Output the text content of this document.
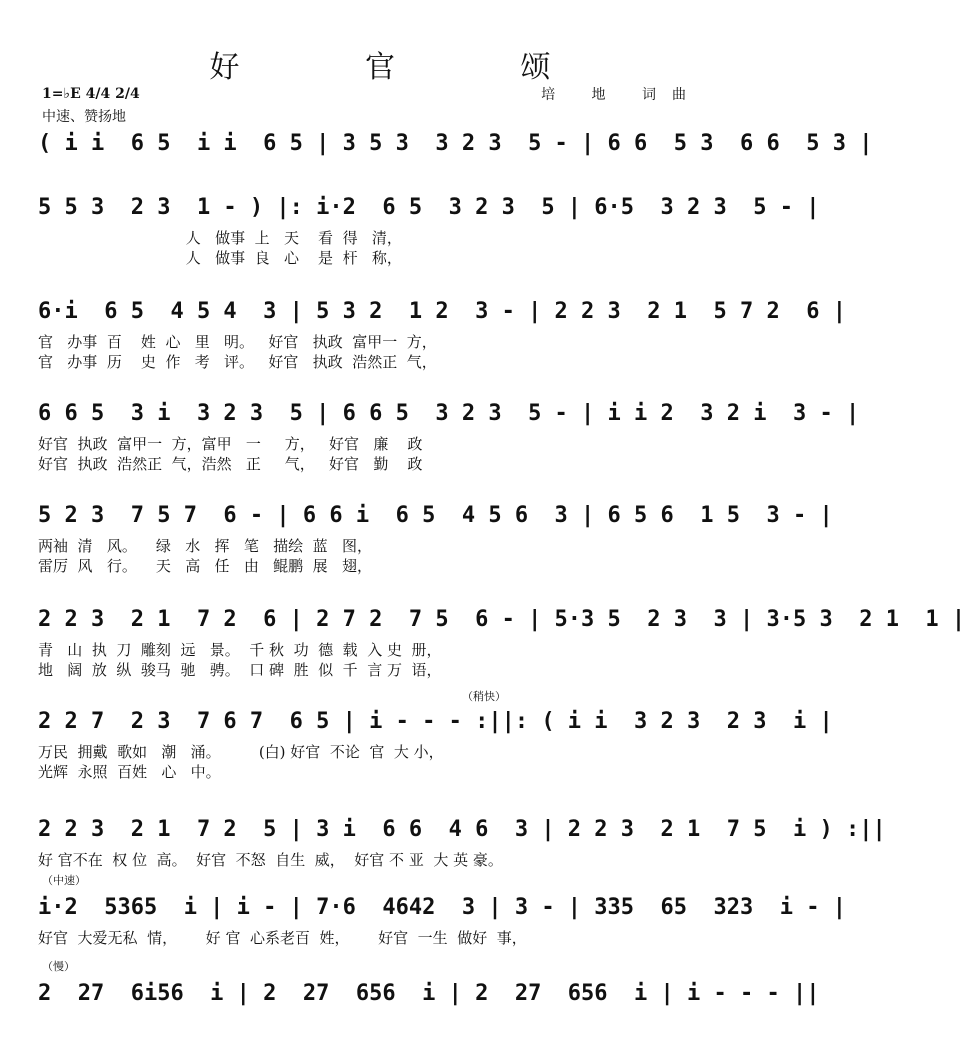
好 官 颂
1=♭E 4/4 2/4
中速、赞扬地
培 地 词曲
( i i  6 5  i i  6 5 | 3 5 3  3 2 3  5 - | 6 6  5 3  6 6  5 3 |
5 5 3  2 3  1 - ) |: i·2  6 5  3 2 3  5 | 6·5  3 2 3  5 - |
人   做事  上   天    看  得   清，
人   做事  良   心    是  杆   称，
6·i  6 5  4 5 4  3 | 5 3 2  1 2  3 - | 2 2 3  2 1  5 7 2  6 |
官   办事  百    姓  心   里   明。   好官   执政  富甲一  方，
官   办事  历    史  作   考   评。   好官   执政  浩然正  气，
6 6 5  3 i  3 2 3  5 | 6 6 5  3 2 3  5 - | i i 2  3 2 i  3 - |
好官  执政  富甲一  方，富甲   一     方，   好官   廉    政
好官  执政  浩然正  气，浩然   正     气，   好官   勤    政
5 2 3  7 5 7  6 - | 6 6 i  6 5  4 5 6  3 | 6 5 6  1 5  3 - |
两袖  清   风。    绿   水   挥   笔   描绘  蓝   图，
雷厉  风   行。    天   高   任   由   鲲鹏  展   翅，
2 2 3  2 1  7 2  6 | 2 7 2  7 5  6 - | 5·3 5  2 3  3 | 3·5 3  2 1  1 |
青   山  执  刀  雕刻  远   景。  千 秋  功  德  载  入 史  册，
地   阔  放  纵  骏马  驰   骋。  口 碑  胜  似  千  言 万  语，
（稍快）
2 2 7  2 3  7 6 7  6 5 | i - - - :||: ( i i  3 2 3  2 3  i |
万民  拥戴  歌如   潮   涌。        (白) 好官  不论  官  大 小，
光辉  永照  百姓   心   中。
2 2 3  2 1  7 2  5 | 3 i  6 6  4 6  3 | 2 2 3  2 1  7 5  i ) :||
好 官不在  权 位  高。  好官  不怒  自生  威，  好官 不 亚  大 英 豪。
（中速）
i·2  5365  i | i - | 7·6  4642  3 | 3 - | 335  65  323  i - |
好官  大爱无私  情，      好 官  心系老百  姓，      好官  一生  做好  事，
（慢）
2  27  6i56  i | 2  27  656  i | 2  27  656  i | i - - - ||
